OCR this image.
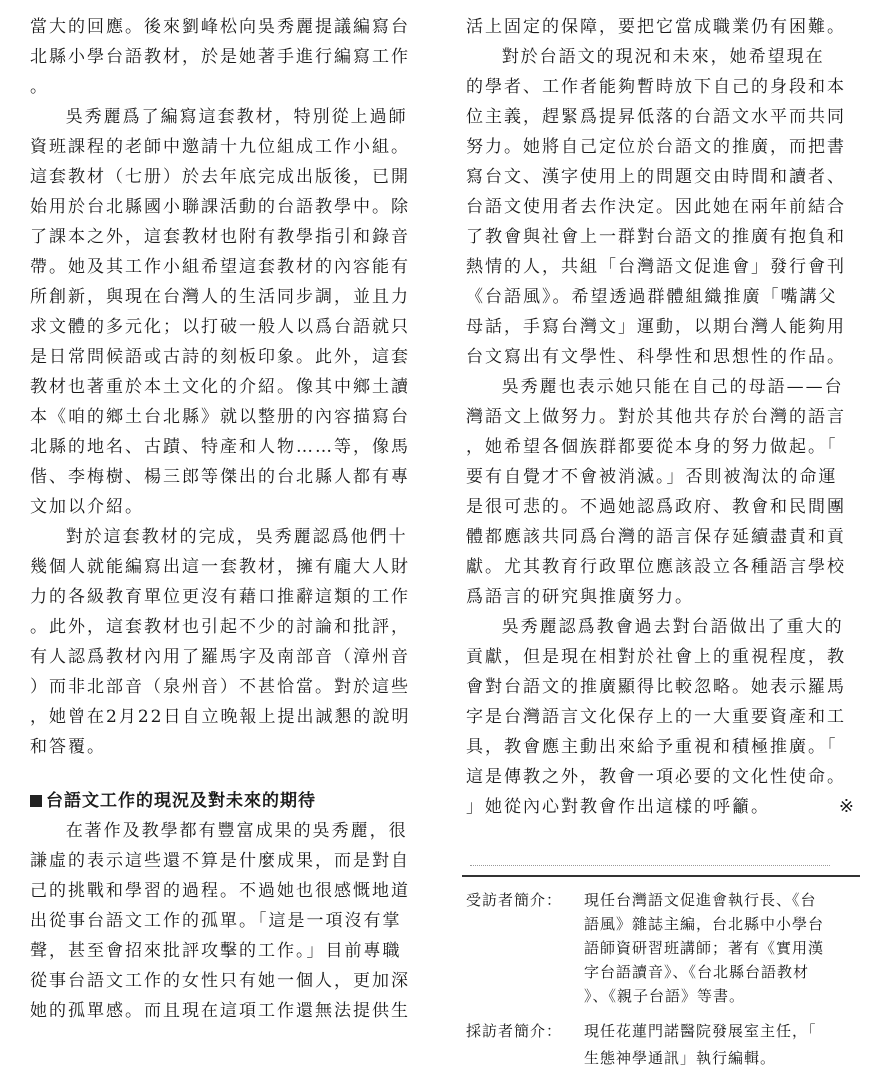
當大的回應。後來劉峰松向吳秀麗提議編寫台
北縣小學台語教材，於是她著手進行編寫工作
。
吳秀麗爲了編寫這套教材，特別從上過師
資班課程的老師中邀請十九位組成工作小組。
這套教材（七册）於去年底完成出版後，已開
始用於台北縣國小聯課活動的台語教學中。除
了課本之外，這套教材也附有教學指引和錄音
帶。她及其工作小組希望這套教材的內容能有
所創新，與現在台灣人的生活同步調，並且力
求文體的多元化；以打破一般人以爲台語就只
是日常問候語或古詩的刻板印象。此外，這套
教材也著重於本土文化的介紹。像其中鄉土讀
本《咱的鄉土台北縣》就以整册的內容描寫台
北縣的地名、古蹟、特產和人物……等，像馬
偕、李梅樹、楊三郎等傑出的台北縣人都有專
文加以介紹。
對於這套教材的完成，吳秀麗認爲他們十
幾個人就能編寫出這一套教材，擁有龐大人財
力的各級教育單位更沒有藉口推辭這類的工作
。此外，這套教材也引起不少的討論和批評，
有人認爲教材內用了羅馬字及南部音（漳州音
）而非北部音（泉州音）不甚恰當。對於這些
，她曾在2月22日自立晚報上提出誠懇的說明
和答覆。
台語文工作的現況及對未來的期待
在著作及教學都有豐富成果的吳秀麗，很
謙虛的表示這些還不算是什麼成果，而是對自
己的挑戰和學習的過程。不過她也很感慨地道
出從事台語文工作的孤單。「這是一項沒有掌
聲，甚至會招來批評攻擊的工作。」目前專職
從事台語文工作的女性只有她一個人，更加深
她的孤單感。而且現在這項工作還無法提供生
活上固定的保障，要把它當成職業仍有困難。
對於台語文的現況和未來，她希望現在
的學者、工作者能夠暫時放下自己的身段和本
位主義，趕緊爲提昇低落的台語文水平而共同
努力。她將自己定位於台語文的推廣，而把書
寫台文、漢字使用上的問題交由時間和讀者、
台語文使用者去作決定。因此她在兩年前結合
了教會與社會上一群對台語文的推廣有抱負和
熱情的人，共組「台灣語文促進會」發行會刊
《台語風》。希望透過群體組織推廣「嘴講父
母話，手寫台灣文」運動，以期台灣人能夠用
台文寫出有文學性、科學性和思想性的作品。
吳秀麗也表示她只能在自己的母語——台
灣語文上做努力。對於其他共存於台灣的語言
，她希望各個族群都要從本身的努力做起。「
要有自覺才不會被消滅。」否則被淘汰的命運
是很可悲的。不過她認爲政府、教會和民間團
體都應該共同爲台灣的語言保存延續盡責和貢
獻。尤其教育行政單位應該設立各種語言學校
爲語言的研究與推廣努力。
吳秀麗認爲教會過去對台語做出了重大的
貢獻，但是現在相對於社會上的重視程度，教
會對台語文的推廣顯得比較忽略。她表示羅馬
字是台灣語言文化保存上的一大重要資產和工
具，教會應主動出來給予重視和積極推廣。「
這是傳教之外，教會一項必要的文化性使命。
」她從內心對教會作出這樣的呼籲。	※
受訪者簡介： 現任台灣語文促進會執行長、《台
語風》雜誌主編，台北縣中小學台
語師資研習班講師；著有《實用漢
字台語讀音》、《台北縣台語教材
》、《親子台語》等書。
採訪者簡介： 現任花蓮門諾醫院發展室主任，「
生態神學通訊」執行編輯。
